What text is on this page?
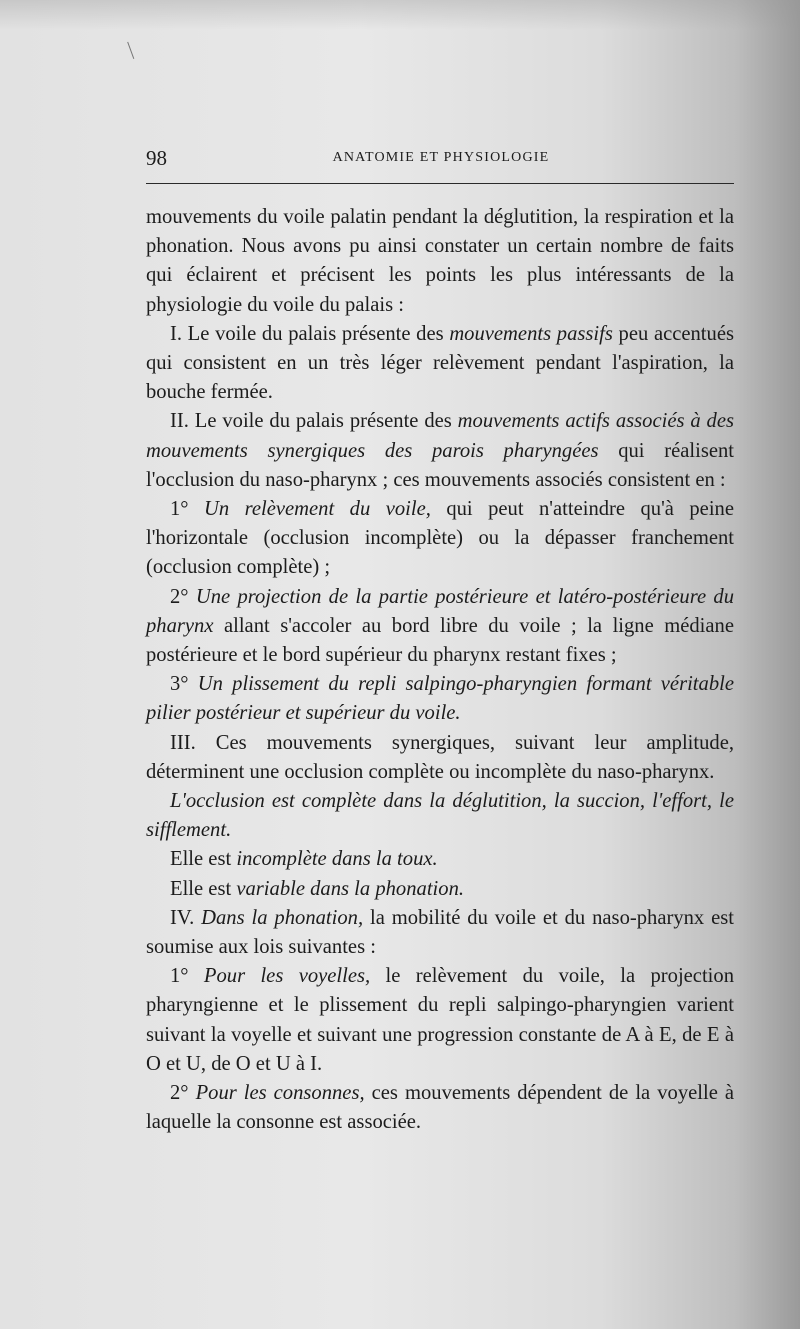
98	ANATOMIE ET PHYSIOLOGIE

mouvements du voile palatin pendant la déglutition, la respiration et la phonation. Nous avons pu ainsi constater un certain nombre de faits qui éclairent et précisent les points les plus intéressants de la physiologie du voile du palais :

I. Le voile du palais présente des mouvements passifs peu accentués qui consistent en un très léger relèvement pendant l'aspiration, la bouche fermée.

II. Le voile du palais présente des mouvements actifs associés à des mouvements synergiques des parois pharyngées qui réalisent l'occlusion du naso-pharynx ; ces mouvements associés consistent en :

1° Un relèvement du voile, qui peut n'atteindre qu'à peine l'horizontale (occlusion incomplète) ou la dépasser franchement (occlusion complète) ;

2° Une projection de la partie postérieure et latéro-postérieure du pharynx allant s'accoler au bord libre du voile ; la ligne médiane postérieure et le bord supérieur du pharynx restant fixes ;

3° Un plissement du repli salpingo-pharyngien formant véritable pilier postérieur et supérieur du voile.

III. Ces mouvements synergiques, suivant leur amplitude, déterminent une occlusion complète ou incomplète du naso-pharynx.

L'occlusion est complète dans la déglutition, la succion, l'effort, le sifflement.

Elle est incomplète dans la toux.

Elle est variable dans la phonation.

IV. Dans la phonation, la mobilité du voile et du naso-pharynx est soumise aux lois suivantes :

1° Pour les voyelles, le relèvement du voile, la projection pharyngienne et le plissement du repli salpingo-pharyngien varient suivant la voyelle et suivant une progression constante de A à E, de E à O et U, de O et U à I.

2° Pour les consonnes, ces mouvements dépendent de la voyelle à laquelle la consonne est associée.
